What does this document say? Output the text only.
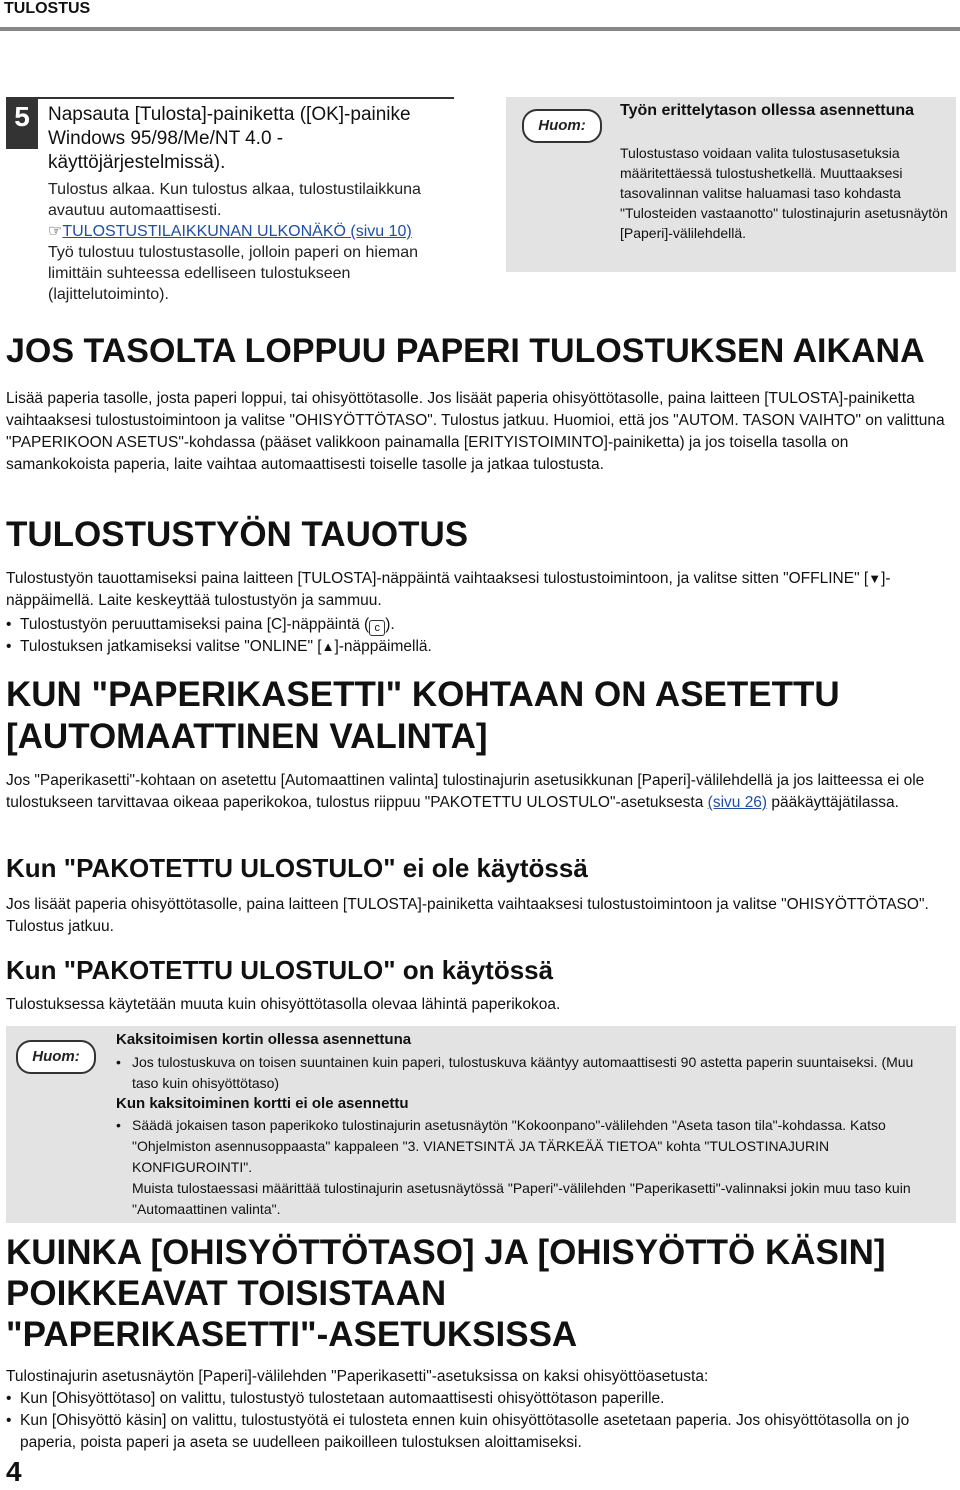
TULOSTUS
5 Napsauta [Tulosta]-painiketta ([OK]-painike Windows 95/98/Me/NT 4.0 -käyttöjärjestelmissä).
Tulostus alkaa. Kun tulostus alkaa, tulostustilaikkuna avautuu automaattisesti.
☞TULOSTUSTILAIKKUNAN ULKONÄKÖ (sivu 10)
Työ tulostuu tulostustasolle, jolloin paperi on hieman limittäin suhteessa edelliseen tulostukseen (lajittelutoiminto).
Huom:
Työn erittelytason ollessa asennettuna
Tulostustaso voidaan valita tulostusasetuksia määritettäessä tulostushetkellä. Muuttaaksesi tasovalinnan valitse haluamasi taso kohdasta "Tulosteiden vastaanotto" tulostinajurin asetusnäytön [Paperi]-välilehdellä.
JOS TASOLTA LOPPUU PAPERI TULOSTUKSEN AIKANA

Lisää paperia tasolle, josta paperi loppui, tai ohisyöttötasolle. Jos lisäät paperia ohisyöttötasolle, paina laitteen [TULOSTA]-painiketta vaihtaaksesi tulostustoimintoon ja valitse "OHISYÖTTÖTASO". Tulostus jatkuu. Huomioi, että jos "AUTOM. TASON VAIHTO" on valittuna "PAPERIKOON ASETUS"-kohdassa (pääset valikkoon painamalla [ERITYISTOIMINTO]-painiketta) ja jos toisella tasolla on samankokoista paperia, laite vaihtaa automaattisesti toiselle tasolle ja jatkaa tulostusta.

TULOSTUSTYÖN TAUOTUS

Tulostustyön tauottamiseksi paina laitteen [TULOSTA]-näppäintä vaihtaaksesi tulostustoimintoon, ja valitse sitten "OFFLINE" [▼]-näppäimellä. Laite keskeyttää tulostustyön ja sammuu.

• Tulostustyön peruuttamiseksi paina [C]-näppäintä ( c ).
• Tulostuksen jatkamiseksi valitse "ONLINE" [▲]-näppäimellä.
KUN "PAPERIKASETTI" KOHTAAN ON ASETETTU
[AUTOMAATTINEN VALINTA]

Jos "Paperikasetti"-kohtaan on asetettu [Automaattinen valinta] tulostinajurin asetusikkunan [Paperi]-välilehdellä ja jos laitteessa ei ole tulostukseen tarvittavaa oikeaa paperikokoa, tulostus riippuu "PAKOTETTU ULOSTULO"-asetuksesta (sivu 26) pääkäyttäjätilassa.

Kun "PAKOTETTU ULOSTULO" ei ole käytössä

Jos lisäät paperia ohisyöttötasolle, paina laitteen [TULOSTA]-painiketta vaihtaaksesi tulostustoimintoon ja valitse "OHISYÖTTÖTASO". Tulostus jatkuu.

Kun "PAKOTETTU ULOSTULO" on käytössä

Tulostuksessa käytetään muuta kuin ohisyöttötasolla olevaa lähintä paperikokoa.

Huom:
Kaksitoimisen kortin ollessa asennettuna
• Jos tulostuskuva on toisen suuntainen kuin paperi, tulostuskuva kääntyy automaattisesti 90 astetta paperin suuntaiseksi. (Muu taso kuin ohisyöttötaso)
Kun kaksitoiminen kortti ei ole asennettu
• Säädä jokaisen tason paperikoko tulostinajurin asetusnäytön "Kokoonpano"-välilehden "Aseta tason tila"-kohdassa. Katso "Ohjelmiston asennusoppaasta" kappaleen "3. VIANETSINTÄ JA TÄRKEÄÄ TIETOA" kohta "TULOSTINAJURIN KONFIGUROINTI".
Muista tulostaessasi määrittää tulostinajurin asetusnäytössä "Paperi"-välilehden "Paperikasetti"-valinnaksi jokin muu taso kuin "Automaattinen valinta".
KUINKA [OHISYÖTTÖTASO] JA [OHISYÖTTÖ KÄSIN]
POIKKEAVAT TOISISTAAN
"PAPERIKASETTI"-ASETUKSISSA

Tulostinajurin asetusnäytön [Paperi]-välilehden "Paperikasetti"-asetuksissa on kaksi ohisyöttöasetusta:

• Kun [Ohisyöttötaso] on valittu, tulostustyö tulostetaan automaattisesti ohisyöttötason paperille.
• Kun [Ohisyöttö käsin] on valittu, tulostustyötä ei tulosteta ennen kuin ohisyöttötasolle asetetaan paperia. Jos ohisyöttötasolla on jo paperia, poista paperi ja aseta se uudelleen paikoilleen tulostuksen aloittamiseksi.
4
